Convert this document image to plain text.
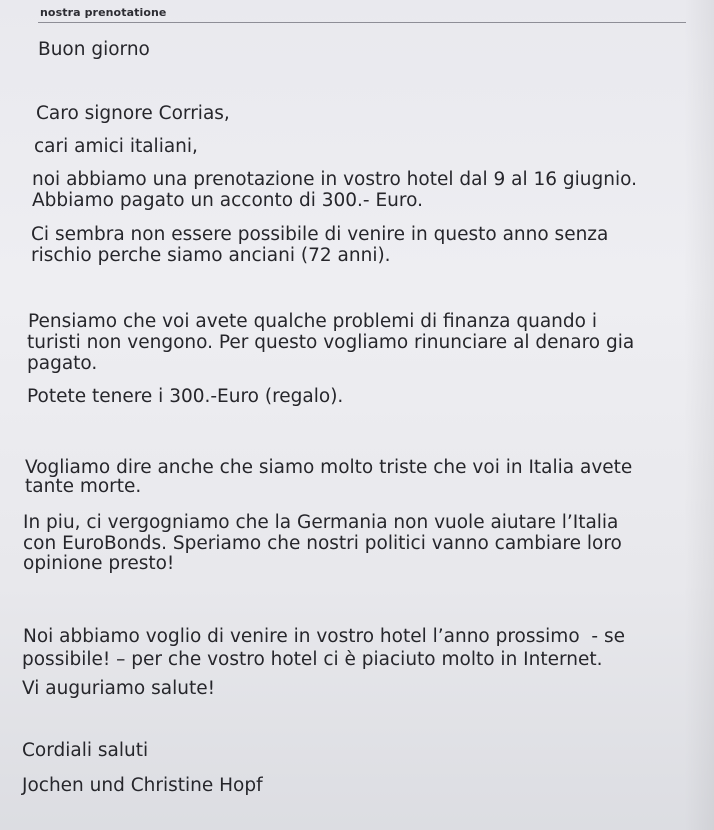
nostra prenotatione
Buon giorno
Caro signore Corrias,
cari amici italiani,
noi abbiamo una prenotazione in vostro hotel dal 9 al 16 giugnio.
Abbiamo pagato un acconto di 300.- Euro.
Ci sembra non essere possibile di venire in questo anno senza
rischio perche siamo anciani (72 anni).
Pensiamo che voi avete qualche problemi di finanza quando i
turisti non vengono. Per questo vogliamo rinunciare al denaro gia
pagato.
Potete tenere i 300.-Euro (regalo).
Vogliamo dire anche che siamo molto triste che voi in Italia avete
tante morte.
In piu, ci vergogniamo che la Germania non vuole aiutare l’Italia
con EuroBonds. Speriamo che nostri politici vanno cambiare loro
opinione presto!
Noi abbiamo voglio di venire in vostro hotel l’anno prossimo  - se
possibile! – per che vostro hotel ci è piaciuto molto in Internet.
Vi auguriamo salute!
Cordiali saluti
Jochen und Christine Hopf
